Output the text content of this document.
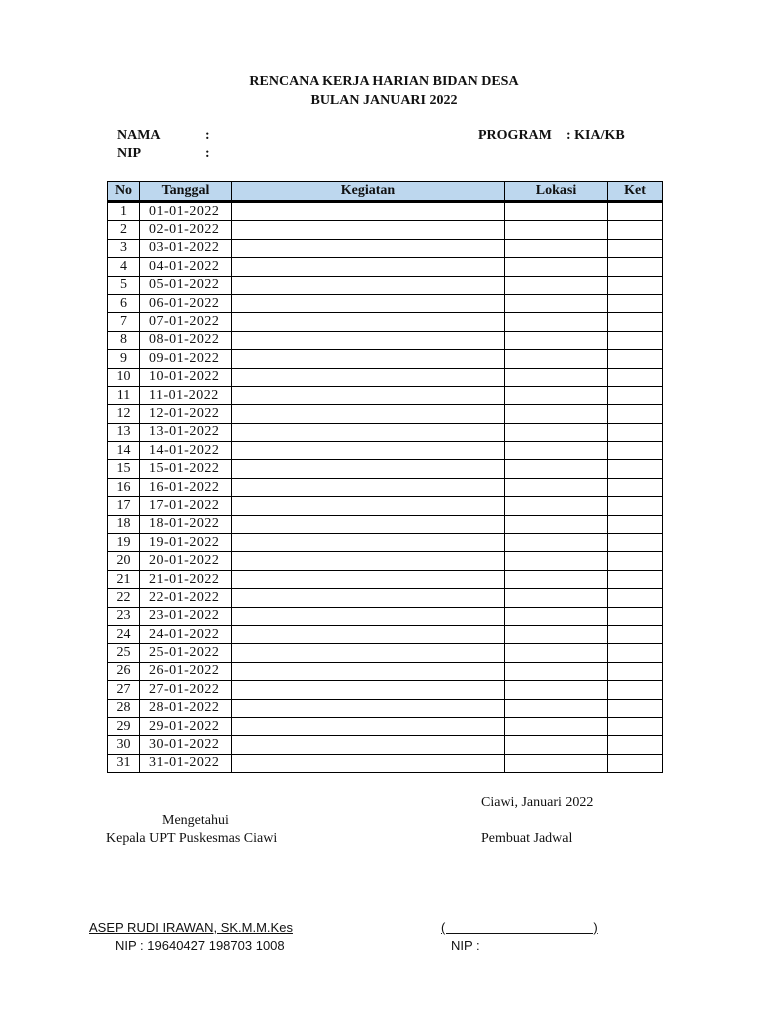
RENCANA KERJA HARIAN BIDAN DESA
BULAN JANUARI 2022
NAMA	:
NIP	:
PROGRAM : KIA/KB
No	Tanggal	Kegiatan	Lokasi	Ket
1	01-01-2022			
2	02-01-2022			
3	03-01-2022			
4	04-01-2022			
5	05-01-2022			
6	06-01-2022			
7	07-01-2022			
8	08-01-2022			
9	09-01-2022			
10	10-01-2022			
11	11-01-2022			
12	12-01-2022			
13	13-01-2022			
14	14-01-2022			
15	15-01-2022			
16	16-01-2022			
17	17-01-2022			
18	18-01-2022			
19	19-01-2022			
20	20-01-2022			
21	21-01-2022			
22	22-01-2022			
23	23-01-2022			
24	24-01-2022			
25	25-01-2022			
26	26-01-2022			
27	27-01-2022			
28	28-01-2022			
29	29-01-2022			
30	30-01-2022			
31	31-01-2022			
Ciawi, Januari 2022
Mengetahui
Kepala UPT Puskesmas Ciawi	Pembuat Jadwal
ASEP RUDI IRAWAN, SK.M.M.Kes
NIP : 19640427 198703 1008
(                                         )
NIP :
